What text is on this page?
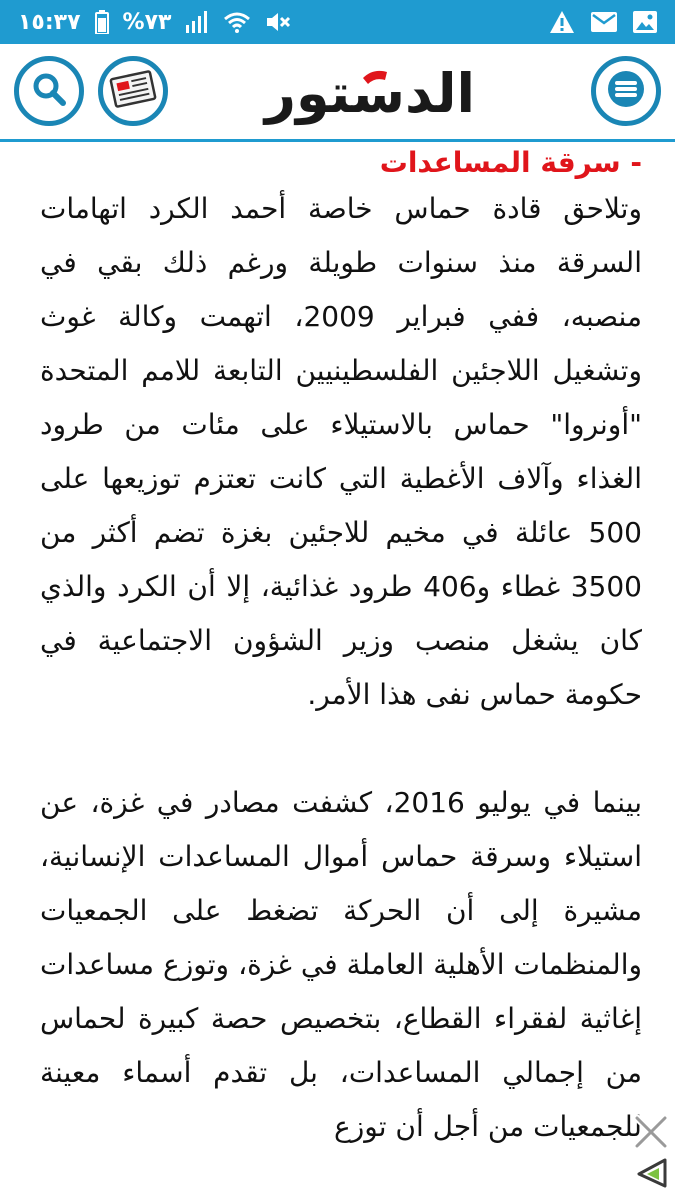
١٥:٣٧ %٧٣
الدستور

- سرقة المساعدات

وتلاحق قادة حماس خاصة أحمد الكرد اتهامات السرقة منذ سنوات طويلة ورغم ذلك بقي في منصبه، ففي فبراير 2009، اتهمت وكالة غوث وتشغيل اللاجئين الفلسطينيين التابعة للامم المتحدة "أونروا" حماس بالاستيلاء على مئات من طرود الغذاء وآلاف الأغطية التي كانت تعتزم توزيعها على 500 عائلة في مخيم للاجئين بغزة تضم أكثر من 3500 غطاء و406 طرود غذائية، إلا أن الكرد والذي كان يشغل منصب وزير الشؤون الاجتماعية في حكومة حماس نفى هذا الأمر.

بينما في يوليو 2016، كشفت مصادر في غزة، عن استيلاء وسرقة حماس أموال المساعدات الإنسانية، مشيرة إلى أن الحركة تضغط على الجمعيات والمنظمات الأهلية العاملة في غزة، وتوزع مساعدات إغاثية لفقراء القطاع، بتخصيص حصة كبيرة لحماس من إجمالي المساعدات، بل تقدم أسماء معينة للجمعيات من أجل أن توزع
